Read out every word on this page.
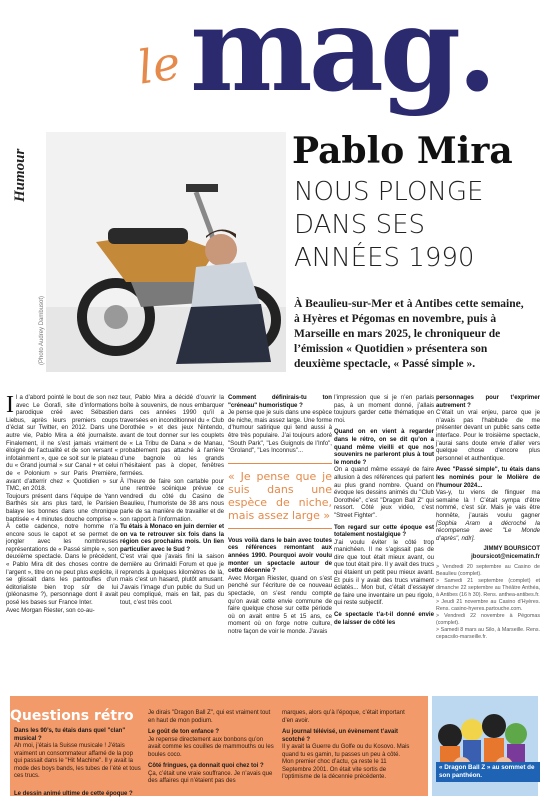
le mag.
Humour
(Photo Audrey Dambusot)
Pablo Mira
NOUS PLONGE DANS SES ANNÉES 1990
À Beaulieu-sur-Mer et à Antibes cette semaine, à Hyères et Pégomas en novembre, puis à Marseille en mars 2025, le chroniqueur de l’émission « Quotidien » présentera son deuxième spectacle, « Passé simple ».

Il a d’abord pointé le bout de son nez avec Le Gorafi, site d’informations parodique créé avec Sébastien Liebus, après leurs premiers coups d’éclat sur Twitter, en 2012. Dans une autre vie, Pablo Mira a été journaliste. Finalement, il ne s’est jamais vraiment éloigné de l’actualité et de son versant « infotainment », que ce soit sur le plateau du « Grand journal » sur Canal + et celui de « Polonium » sur Paris Première, avant d’atterrir chez « Quotidien » sur TMC, en 2018.

Toujours présent dans l’équipe de Yann Barthès six ans plus tard, le Parisien balaye les bonnes dans une chronique baptisée « 4 minutes douche comprise ». À cette cadence, notre homme n’a encore sous le capot et se permet de jongler avec les nombreuses représentations de « Passé simple », son deuxième spectacle. Dans le précédent, « Pablo Mira dit des choses contre de l’argent », titre on ne peut plus explicite, il se glissait dans les pantoufles d’un éditorialiste bien trop sûr de lui (pléonasme ?), personnage dont il avait posé les bases sur France Inter.

Avec Morgan Riester, son co-au-

teur, Pablo Mira a décidé d’ouvrir la boîte à souvenirs, de nous embarquer dans ces années 1990 qu’il a traversées en inconditionnel du « Club Dorothée » et des jeux Nintendo, avant de tout donner sur les couplets de « La Tribu de Dana » de Manau, probablement pas attaché à l’arrière d’une bagnole où les grands n’hésitaient pas à cloper, fenêtres fermées.

À l’heure de faire son cartable pour une rentrée scénique prévue ce vendredi du côté du Casino de Beaulieu, l’humoriste de 38 ans nous parle de sa manière de travailler et de son rapport à l’information.

Tu étais à Monaco en juin dernier et on va te retrouver six fois dans la région ces prochains mois. Un lien particulier avec le Sud ?

C’est vrai que j’avais fini la saison dernière au Grimaldi Forum et que je reprends à quelques kilomètres de là, mais c’est un hasard, plutôt amusant. J’avais l’image d’un public du Sud un peu compliqué, mais en fait, pas du tout, c’est très cool.

Comment définirais-tu ton "créneau" humoristique ?

Je pense que je suis dans une espèce de niche, mais assez large. Une forme d’humour satirique qui tend aussi à être très populaire. J’ai toujours adoré "South Park", "Les Guignols de l’Info", "Groland", "Les Inconnus"...

« Je pense que je suis dans une espèce de niche, mais assez large »

Vous voilà dans le bain avec toutes ces références remontant aux années 1990. Pourquoi avoir voulu monter un spectacle autour de cette décennie ?

Avec Morgan Riester, quand on s’est penché sur l’écriture de ce nouveau spectacle, on s’est rendu compte qu’on avait cette envie commune de faire quelque chose sur cette période où on avait entre 5 et 15 ans, ce moment où on forge notre culture, notre façon de voir le monde. J’avais

l’impression que si je n’en parlais pas, à un moment donné, j’allais toujours garder cette thématique en moi.

Quand on en vient à regarder dans le rétro, on se dit qu’on a quand même vieilli et que nos souvenirs ne parleront plus à tout le monde ?

On a quand même essayé de faire allusion à des références qui parlent au plus grand nombre. Quand on évoque les dessins animés du "Club Dorothée", c’est "Dragon Ball Z" qui ressort. Côté jeux vidéo, c’est "Street Fighter".

Ton regard sur cette époque est totalement nostalgique ?

J’ai voulu éviter le côté trop manichéen. Il ne s’agissait pas de dire que tout était mieux avant, ou que tout était pire. Il y avait des trucs qui étaient un petit peu mieux avant. Et puis il y avait des trucs vraiment éclatés... Mon but, c’était d’essayer de faire une inventaire un peu rigolo, qui reste subjectif.

Ce spectacle t’a-t-il donné envie de laisser de côté les

personnages pour t’exprimer autrement ?

C’était un vrai enjeu, parce que je n’avais pas l’habitude de me présenter devant un public sans cette interface. Pour le troisième spectacle, j’aurai sans doute envie d’aller vers quelque chose d’encore plus personnel et authentique.

Avec "Passé simple", tu étais dans les nominés pour le Molière de l’humour 2024...

Vas-y, tu viens de flinguer ma semaine là ! C’était sympa d’être nommé, c’est sûr. Mais je vais être honnête, j’aurais voulu gagner [Sophia Aram a décroché la récompense avec "Le Monde d’après", ndlr].

JIMMY BOURSICOT

jboursicot@nicematin.fr

> Vendredi 20 septembre au Casino de Beaulieu (complet).

> Samedi 21 septembre (complet) et dimanche 22 septembre au Théâtre Anthéa, à Antibes (16 h 30). Rens. anthea-antibes.fr.

> Jeudi 21 novembre au Casino d’Hyères. Rens. casino-hyeres.partouche.com.

> Vendredi 22 novembre à Pégomas (complet).

> Samedi 8 mars au Silo, à Marseille. Rens. cepacsilo-marseille.fr.

Questions rétro

Dans les 90’s, tu étais dans quel "clan" musical ?

Ah moi, j’étais la Suisse musicale ! J’étais vraiment un consommateur affamé de la pop qui passait dans le "Hit Machine". Il y avait la mode des boys bands, les tubes de l’été et tous ces trucs.

Le dessin animé ultime de cette époque ?

Je dirais "Dragon Ball Z", qui est vraiment tout en haut de mon podium.

Le goût de ton enfance ?

Je repense directement aux bonbons qu’on avait comme les couilles de mammouths ou les boules coco.

Côté fringues, ça donnait quoi chez toi ?

Ça, c’était une vraie souffrance. Je n’avais que des affaires qui n’étaient pas des

marques, alors qu’à l’époque, c’était important d’en avoir.

Au journal télévisé, un évènement t’avait scotché ?

Il y avait la Guerre du Golfe ou du Kosovo. Mais quand tu es gamin, tu passes un peu à côté. Mon premier choc d’actu, ça reste le 11 Septembre 2001. On était vite sortis de l’optimisme de la décennie précédente.

« Dragon Ball Z » au sommet de son panthéon.
